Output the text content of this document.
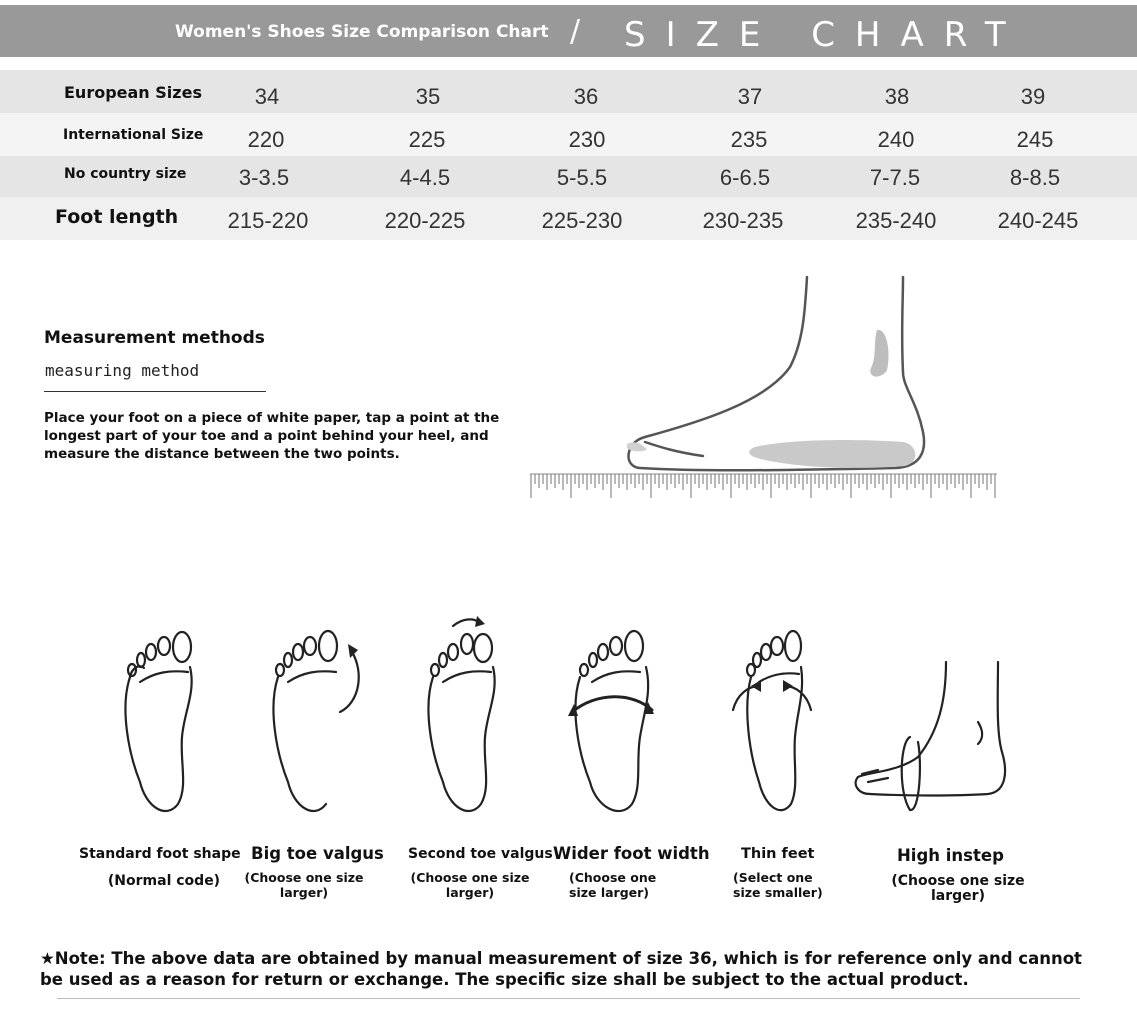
Women's Shoes Size Comparison Chart / SIZE CHART
European Sizes	34	35	36	37	38	39
International Size	220	225	230	235	240	245
No country size	3-3.5	4-4.5	5-5.5	6-6.5	7-7.5	8-8.5
Foot length	215-220	220-225	225-230	230-235	235-240	240-245
Measurement methods
measuring method
Place your foot on a piece of white paper, tap a point at the longest part of your toe and a point behind your heel, and measure the distance between the two points.
Standard foot shape
(Normal code)
Big toe valgus
(Choose one size larger)
Second toe valgus
(Choose one size larger)
Wider foot width
(Choose one size larger)
Thin feet
(Select one size smaller)
High instep
(Choose one size larger)
★Note: The above data are obtained by manual measurement of size 36, which is for reference only and cannot be used as a reason for return or exchange. The specific size shall be subject to the actual product.
